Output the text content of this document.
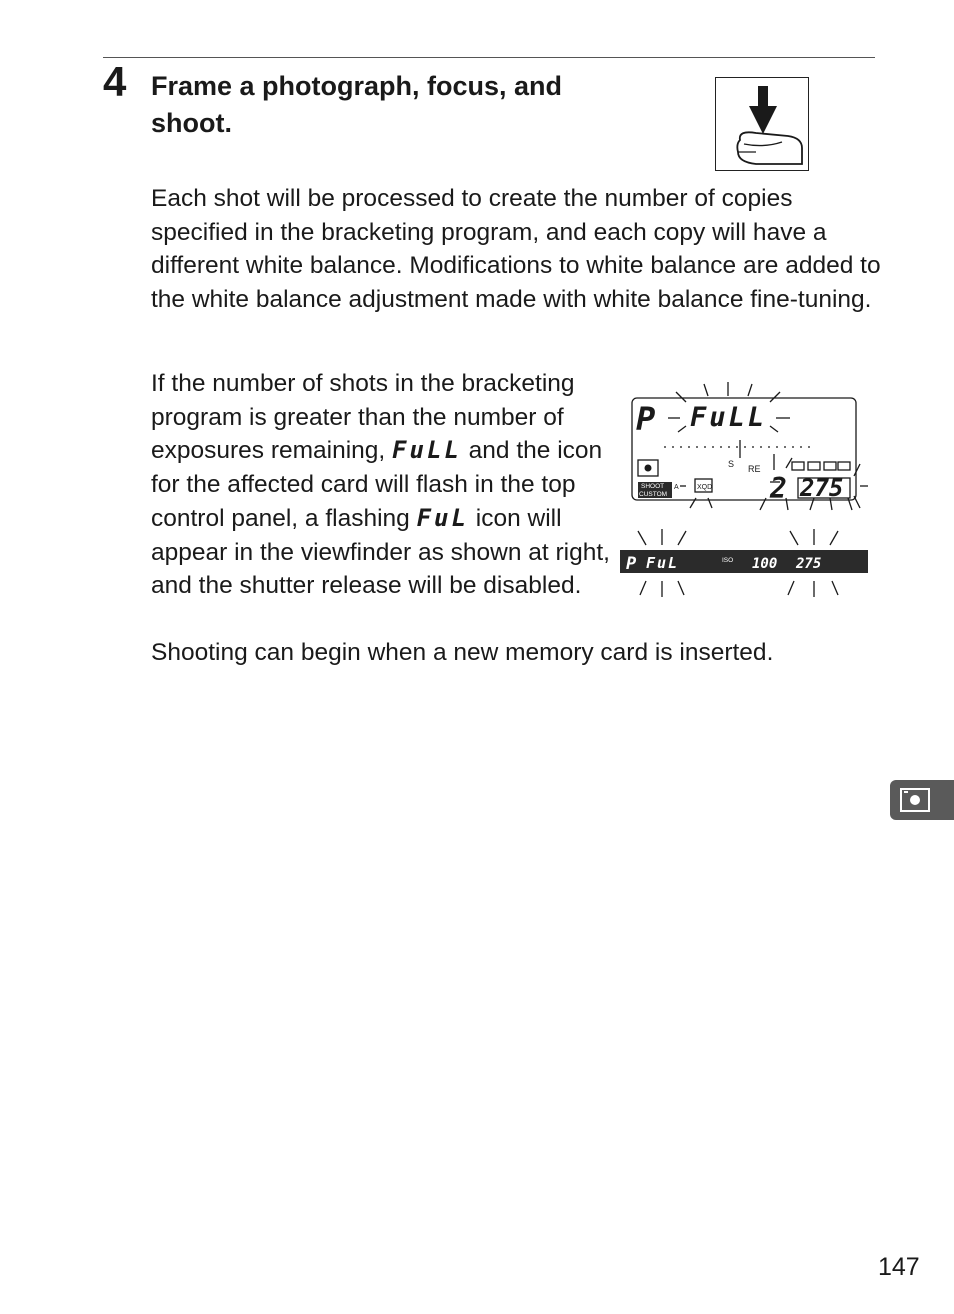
4 Frame a photograph, focus, and shoot.

Each shot will be processed to create the number of copies specified in the bracketing program, and each copy will have a different white balance. Modifications to white balance are added to the white balance adjustment made with white balance fine-tuning.

If the number of shots in the bracketing program is greater than the number of exposures remaining, FuLL and the icon for the affected card will flash in the top control panel, a flashing FuL icon will appear in the viewfinder as shown at right, and the shutter release will be disabled.

Shooting can begin when a new memory card is inserted.

SHOOT
CUSTOM
A	XQD
S RE
P FuLL
2 275
P FuL	ISO 100 275
147
